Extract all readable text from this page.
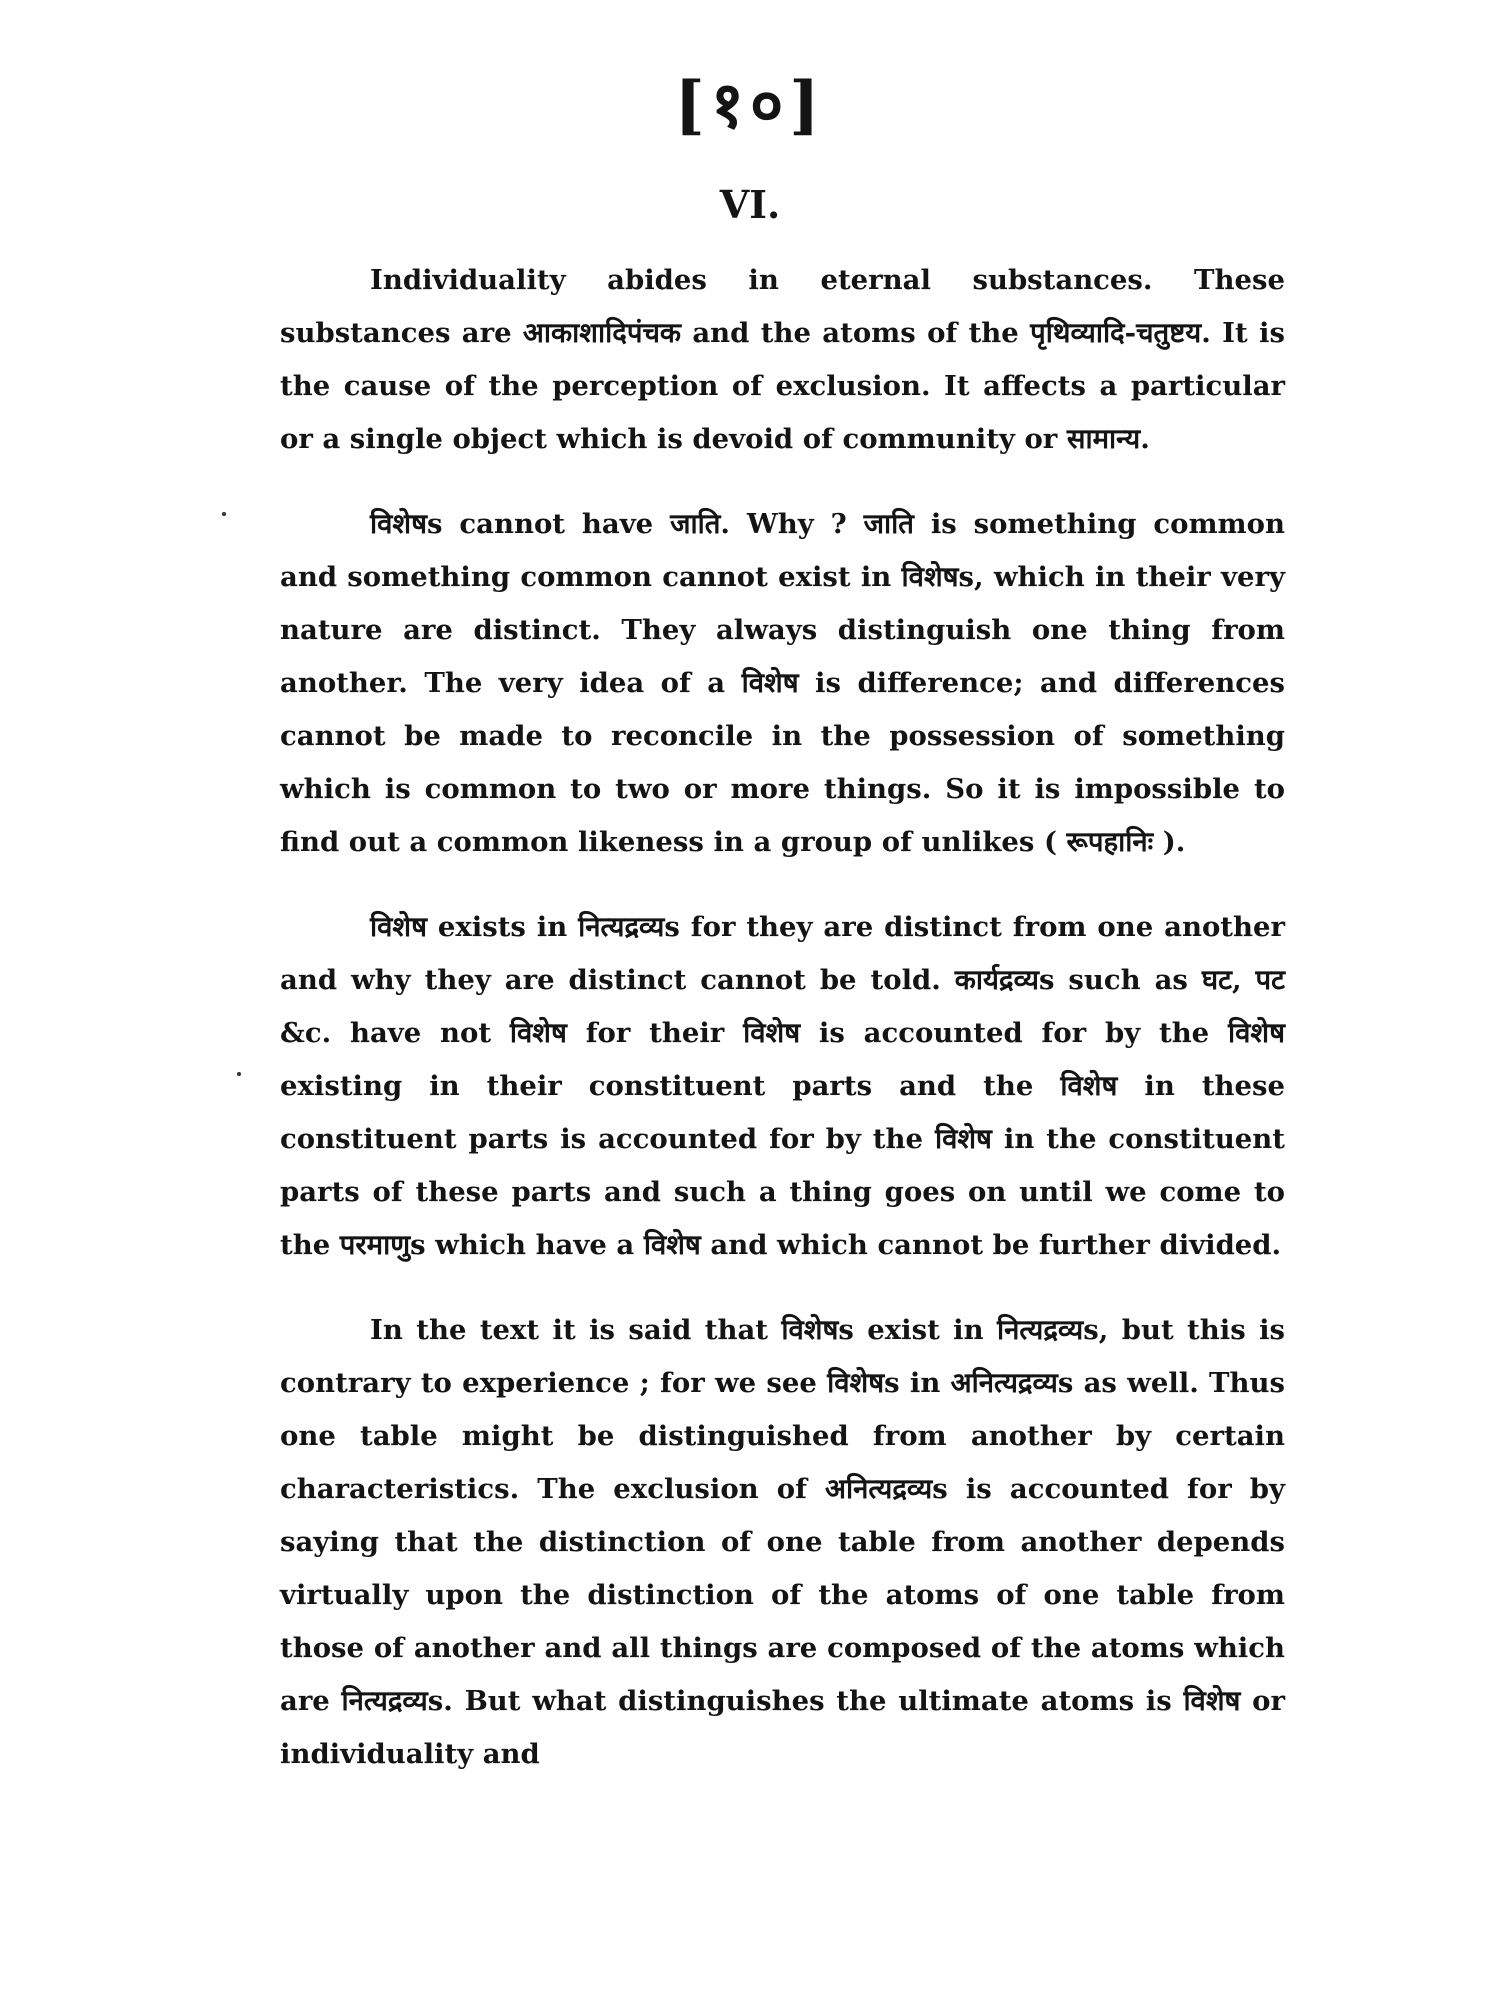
[१०]
VI.

Individuality abides in eternal substances. These substances are आकाशादिपंचक and the atoms of the पृथिव्यादि-चतुष्टय. It is the cause of the perception of exclusion. It affects a particular or a single object which is devoid of community or सामान्य.

विशेषs cannot have जाति. Why ? जाति is something common and something common cannot exist in विशेषs, which in their very nature are distinct. They always distinguish one thing from another. The very idea of a विशेष is difference; and differences cannot be made to reconcile in the possession of something which is common to two or more things. So it is impossible to find out a common likeness in a group of unlikes ( रूपहानिः ).

विशेष exists in नित्यद्रव्यs for they are distinct from one another and why they are distinct cannot be told. कार्यद्रव्यs such as घट, पट &c. have not विशेष for their विशेष is accounted for by the विशेष existing in their constituent parts and the विशेष in these constituent parts is accounted for by the विशेष in the constituent parts of these parts and such a thing goes on until we come to the परमाणुs which have a विशेष and which cannot be further divided.

In the text it is said that विशेषs exist in नित्यद्रव्यs, but this is contrary to experience ; for we see विशेषs in अनित्यद्रव्यs as well. Thus one table might be distinguished from another by certain characteristics. The exclusion of अनित्यद्रव्यs is accounted for by saying that the distinction of one table from another depends virtually upon the distinction of the atoms of one table from those of another and all things are composed of the atoms which are नित्यद्रव्यs. But what distinguishes the ultimate atoms is विशेष or individuality and
